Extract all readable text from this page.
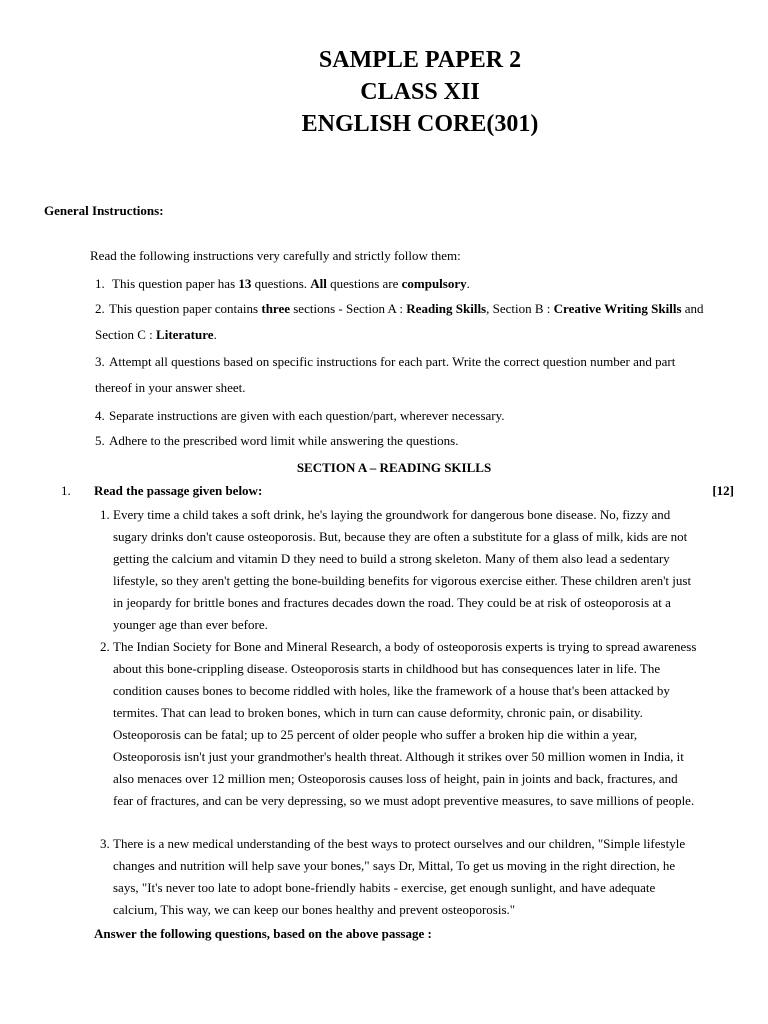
SAMPLE PAPER 2
CLASS XII
ENGLISH CORE(301)
General Instructions:
Read the following instructions very carefully and strictly follow them:
1. This question paper has 13 questions. All questions are compulsory.
2. This question paper contains three sections - Section A : Reading Skills, Section B : Creative Writing Skills and Section C : Literature.
3. Attempt all questions based on specific instructions for each part. Write the correct question number and part thereof in your answer sheet.
4. Separate instructions are given with each question/part, wherever necessary.
5. Adhere to the prescribed word limit while answering the questions.
SECTION A – READING SKILLS
1. Read the passage given below:	[12]
1. Every time a child takes a soft drink, he's laying the groundwork for dangerous bone disease. No, fizzy and sugary drinks don't cause osteoporosis. But, because they are often a substitute for a glass of milk, kids are not getting the calcium and vitamin D they need to build a strong skeleton. Many of them also lead a sedentary lifestyle, so they aren't getting the bone-building benefits for vigorous exercise either. These children aren't just in jeopardy for brittle bones and fractures decades down the road. They could be at risk of osteoporosis at a younger age than ever before.
2. The Indian Society for Bone and Mineral Research, a body of osteoporosis experts is trying to spread awareness about this bone-crippling disease. Osteoporosis starts in childhood but has consequences later in life. The condition causes bones to become riddled with holes, like the framework of a house that's been attacked by termites. That can lead to broken bones, which in turn can cause deformity, chronic pain, or disability. Osteoporosis can be fatal; up to 25 percent of older people who suffer a broken hip die within a year, Osteoporosis isn't just your grandmother's health threat. Although it strikes over 50 million women in India, it also menaces over 12 million men; Osteoporosis causes loss of height, pain in joints and back, fractures, and fear of fractures, and can be very depressing, so we must adopt preventive measures, to save millions of people.
3. There is a new medical understanding of the best ways to protect ourselves and our children, "Simple lifestyle changes and nutrition will help save your bones," says Dr, Mittal, To get us moving in the right direction, he says, "It's never too late to adopt bone-friendly habits - exercise, get enough sunlight, and have adequate calcium, This way, we can keep our bones healthy and prevent osteoporosis."
Answer the following questions, based on the above passage :
